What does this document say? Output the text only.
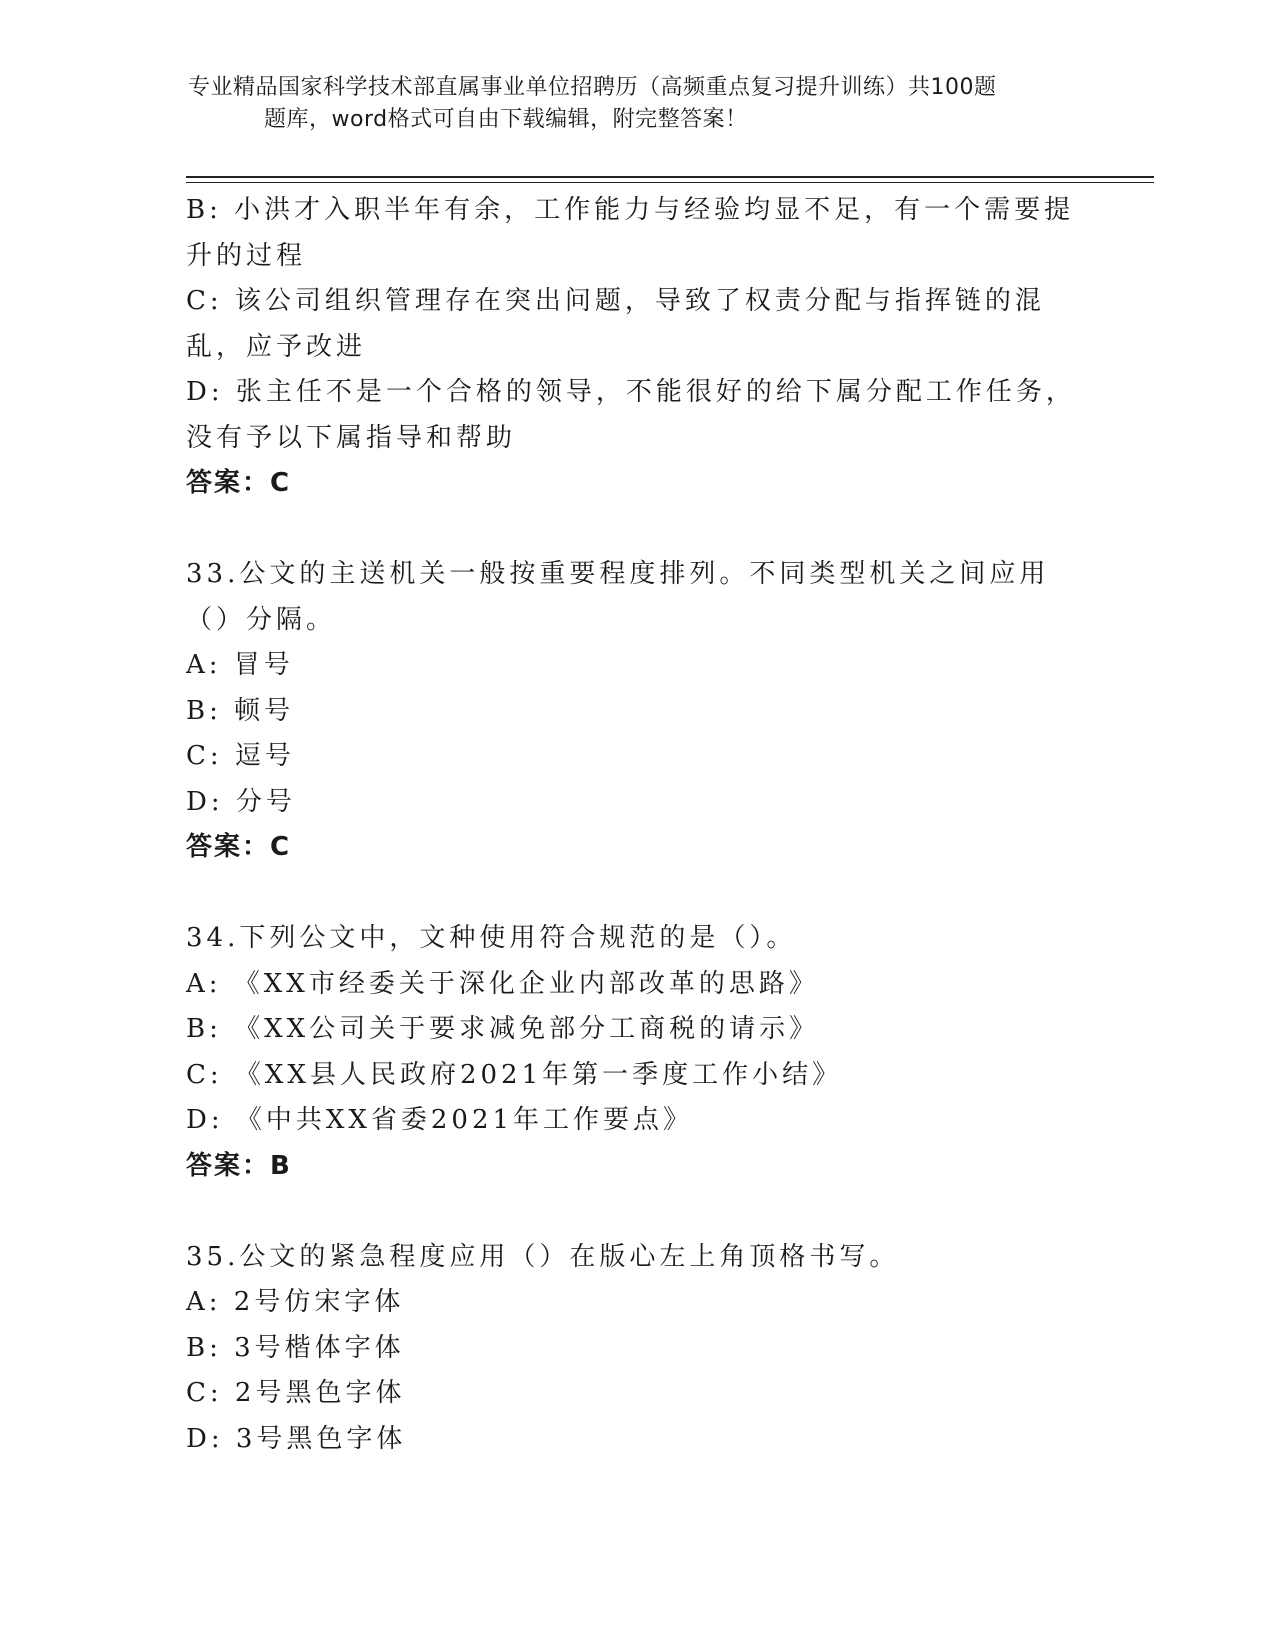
专业精品国家科学技术部直属事业单位招聘历（高频重点复习提升训练）共100题
题库，word格式可自由下载编辑，附完整答案！

B: 小洪才入职半年有余，工作能力与经验均显不足，有一个需要提升的过程

C: 该公司组织管理存在突出问题，导致了权责分配与指挥链的混乱，应予改进

D: 张主任不是一个合格的领导，不能很好的给下属分配工作任务，没有予以下属指导和帮助

答案：C

33.公文的主送机关一般按重要程度排列。不同类型机关之间应用（）分隔。

A: 冒号

B: 顿号

C: 逗号

D: 分号

答案：C

34.下列公文中，文种使用符合规范的是（）。

A: 《XX市经委关于深化企业内部改革的思路》

B: 《XX公司关于要求减免部分工商税的请示》

C: 《XX县人民政府2021年第一季度工作小结》

D: 《中共XX省委2021年工作要点》

答案：B

35.公文的紧急程度应用（）在版心左上角顶格书写。

A: 2号仿宋字体

B: 3号楷体字体

C: 2号黑色字体

D: 3号黑色字体
